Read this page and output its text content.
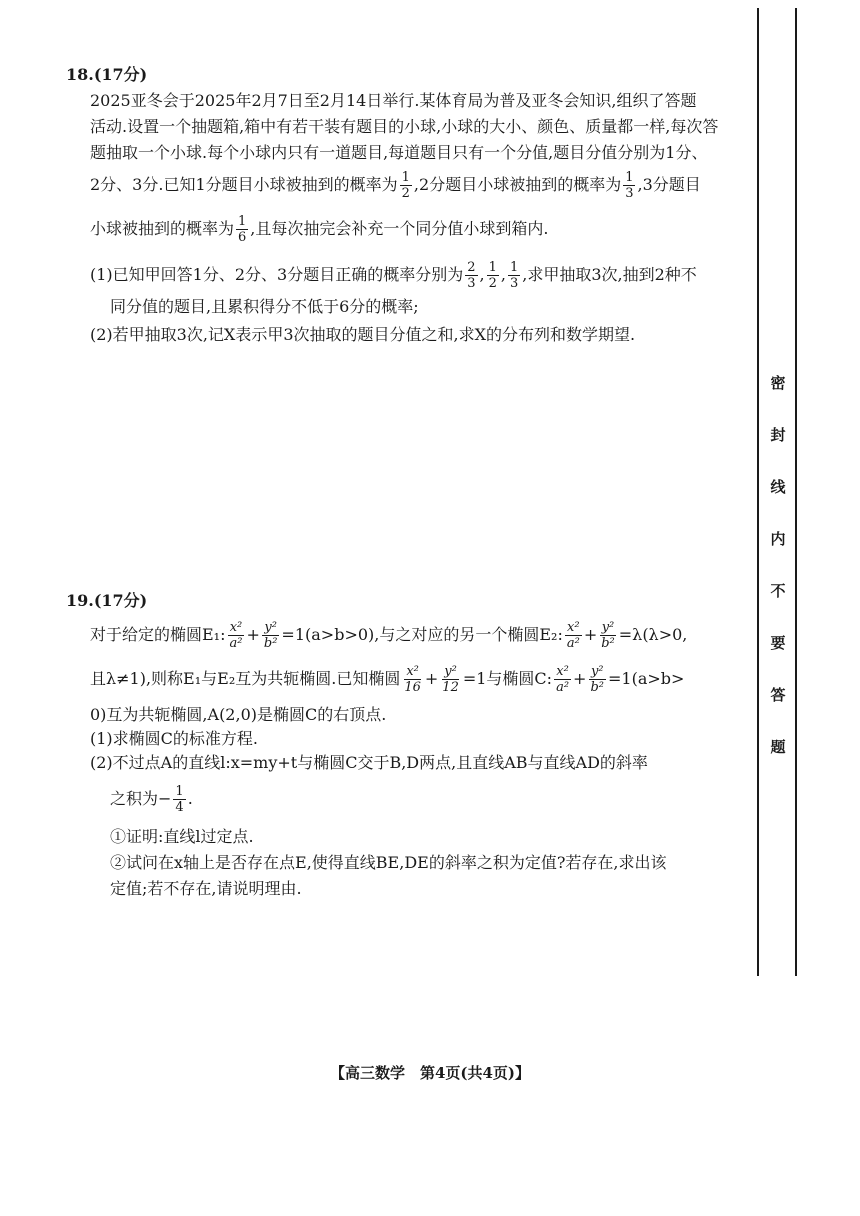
18.(17分)
2025亚冬会于2025年2月7日至2月14日举行.某体育局为普及亚冬会知识,组织了答题
活动.设置一个抽题箱,箱中有若干装有题目的小球,小球的大小、颜色、质量都一样,每次答
题抽取一个小球.每个小球内只有一道题目,每道题目只有一个分值,题目分值分别为1分、
2分、3分.已知1分题目小球被抽到的概率为 $\frac{1}{2} ,2$分题目小球被抽到的概率为 $\frac{1}{3} ,3$分题目
小球被抽到的概率为 $\frac{1}{6}$ ,且每次抽完会补充一个同分值小球到箱内.
(1)已知甲回答1分、2分、3分题目正确的概率分别为 $\frac{2}{3}$ , $\frac{1}{2}$ , $\frac{1}{3}$ ,求甲抽取3次,抽到2种不
同分值的题目,且累积得分不低于6分的概率;
(2)若甲抽取3次,记X表示甲3次抽取的题目分值之和,求X的分布列和数学期望.
19.(17分)
对于给定的椭圆E₁: $\frac{\text{x²}}{\text{a²}} + \frac{\text{y²}}{\text{b²}} =1(a>b>0)$,与之对应的另一个椭圆E₂: $\frac{\text{x²}}{\text{a²}} + \frac{\text{y²}}{\text{b²}} =\lambda(\lambda>0$,
且λ≠1),则称E₁与E₂互为共轭椭圆.已知椭圆 $\frac{\text{x²}}{16} + \frac{\text{y²}}{12} =1$与椭圆C: $\frac{\text{x²}}{\text{a²}} + \frac{\text{y²}}{\text{b²}} =1(a>b>$
0)互为共轭椭圆,A(2,0)是椭圆C的右顶点.
(1)求椭圆C的标准方程.
(2)不过点A的直线l:x=my+t与椭圆C交于B,D两点,且直线AB与直线AD的斜率
之积为− $\frac{1}{4}$ .
①证明:直线l过定点.
②试问在x轴上是否存在点E,使得直线BE,DE的斜率之积为定值?若存在,求出该
定值;若不存在,请说明理由.
密
封
线
内
不
要
答
题
【高三数学　第4页(共4页)】
